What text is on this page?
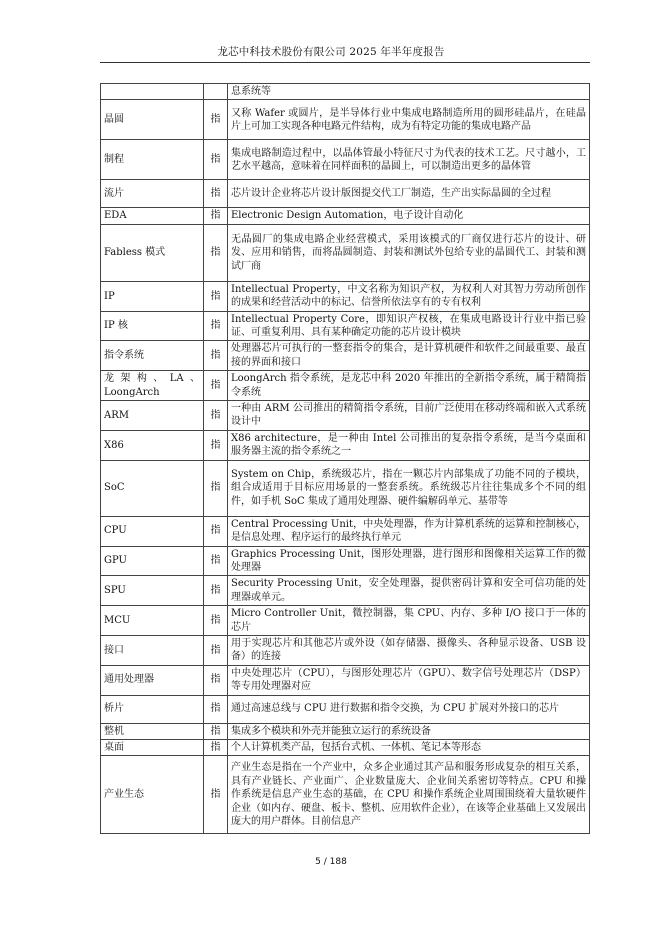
龙芯中科技术股份有限公司 2025 年半年度报告
		息系统等
晶圆	指	又称 Wafer 或圆片，是半导体行业中集成电路制造所用的圆形硅晶片，在硅晶片上可加工实现各种电路元件结构，成为有特定功能的集成电路产品
制程	指	集成电路制造过程中，以晶体管最小特征尺寸为代表的技术工艺。尺寸越小，工艺水平越高，意味着在同样面积的晶圆上，可以制造出更多的晶体管
流片	指	芯片设计企业将芯片设计版图提交代工厂制造，生产出实际晶圆的全过程
EDA	指	Electronic Design Automation，电子设计自动化
Fabless 模式	指	无晶圆厂的集成电路企业经营模式，采用该模式的厂商仅进行芯片的设计、研发、应用和销售，而将晶圆制造、封装和测试外包给专业的晶圆代工、封装和测试厂商
IP	指	Intellectual Property，中文名称为知识产权，为权利人对其智力劳动所创作的成果和经营活动中的标记、信誉所依法享有的专有权利
IP 核	指	Intellectual Property Core，即知识产权核，在集成电路设计行业中指已验证、可重复利用、具有某种确定功能的芯片设计模块
指令系统	指	处理器芯片可执行的一整套指令的集合，是计算机硬件和软件之间最重要、最直接的界面和接口
龙架构、LA、LoongArch	指	LoongArch 指令系统，是龙芯中科 2020 年推出的全新指令系统，属于精简指令系统
ARM	指	一种由 ARM 公司推出的精简指令系统，目前广泛使用在移动终端和嵌入式系统设计中
X86	指	X86 architecture，是一种由 Intel 公司推出的复杂指令系统，是当今桌面和服务器主流的指令系统之一
SoC	指	System on Chip，系统级芯片，指在一颗芯片内部集成了功能不同的子模块，组合成适用于目标应用场景的一整套系统。系统级芯片往往集成多个不同的组件，如手机 SoC 集成了通用处理器、硬件编解码单元、基带等
CPU	指	Central Processing Unit，中央处理器，作为计算机系统的运算和控制核心，是信息处理、程序运行的最终执行单元
GPU	指	Graphics Processing Unit，图形处理器，进行图形和图像相关运算工作的微处理器
SPU	指	Security Processing Unit，安全处理器，提供密码计算和安全可信功能的处理器或单元。
MCU	指	Micro Controller Unit，微控制器，集 CPU、内存、多种 I/O 接口于一体的芯片
接口	指	用于实现芯片和其他芯片或外设（如存储器、摄像头、各种显示设备、USB 设备）的连接
通用处理器	指	中央处理芯片（CPU），与图形处理芯片（GPU）、数字信号处理芯片（DSP）等专用处理器对应
桥片	指	通过高速总线与 CPU 进行数据和指令交换，为 CPU 扩展对外接口的芯片
整机	指	集成多个模块和外壳并能独立运行的系统设备
桌面	指	个人计算机类产品，包括台式机、一体机、笔记本等形态
产业生态	指	产业生态是指在一个产业中，众多企业通过其产品和服务形成复杂的相互关系，具有产业链长、产业面广、企业数量庞大、企业间关系密切等特点。CPU 和操作系统是信息产业生态的基础，在 CPU 和操作系统企业周围围绕着大量软硬件企业（如内存、硬盘、板卡、整机、应用软件企业），在该等企业基础上又发展出庞大的用户群体。目前信息产
5 / 188
